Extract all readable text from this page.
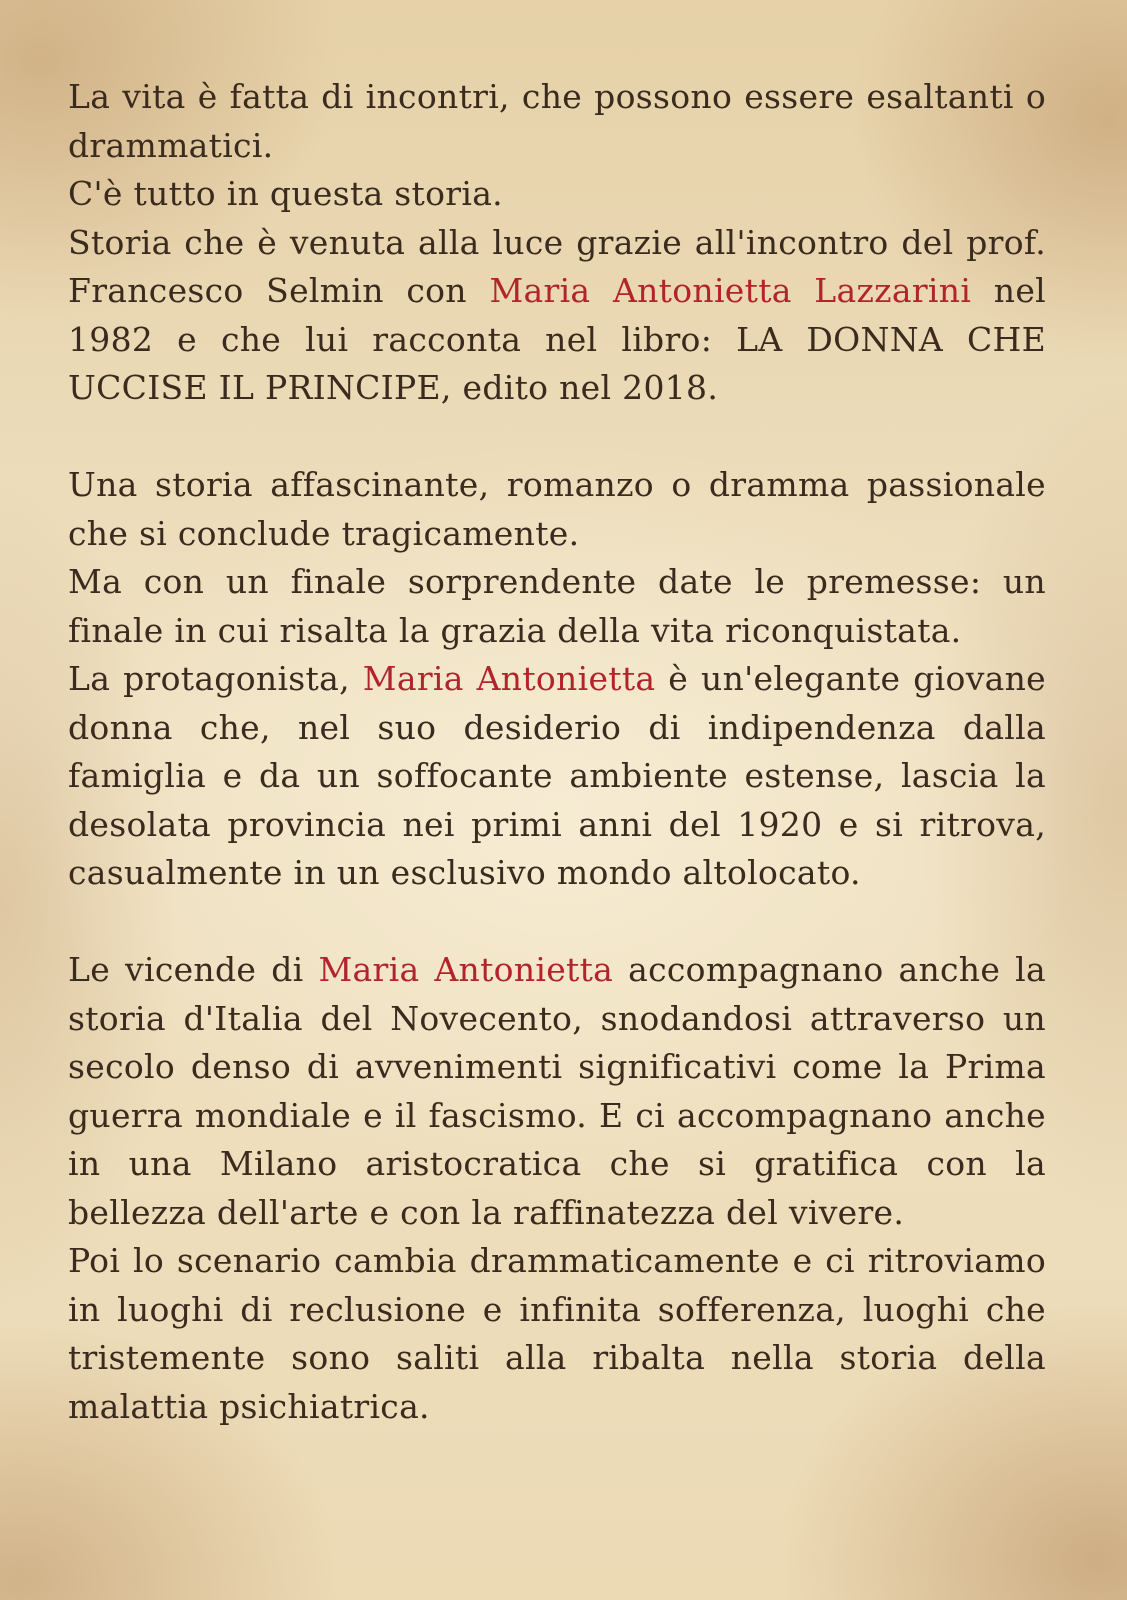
La vita è fatta di incontri, che possono essere esaltanti o drammatici.

C'è tutto in questa storia.

Storia che è venuta alla luce grazie all'incontro del prof. Francesco Selmin con Maria Antonietta Lazzarini nel 1982 e che lui racconta nel libro: LA DONNA CHE UCCISE IL PRINCIPE, edito nel 2018.

Una storia affascinante, romanzo o dramma passionale che si conclude tragicamente.

Ma con un finale sorprendente date le premesse: un finale in cui risalta la grazia della vita riconquistata.

La protagonista, Maria Antonietta è un'elegante giovane donna che, nel suo desiderio di indipendenza dalla famiglia e da un soffocante ambiente estense, lascia la desolata provincia nei primi anni del 1920 e si ritrova, casualmente in un esclusivo mondo altolocato.

Le vicende di Maria Antonietta accompagnano anche la storia d'Italia del Novecento, snodandosi attraverso un secolo denso di avvenimenti significativi come la Prima guerra mondiale e il fascismo. E ci accompagnano anche in una Milano aristocratica che si gratifica con la bellezza dell'arte e con la raffinatezza del vivere.

Poi lo scenario cambia drammaticamente e ci ritroviamo in luoghi di reclusione e infinita sofferenza, luoghi che tristemente sono saliti alla ribalta nella storia della malattia psichiatrica.
